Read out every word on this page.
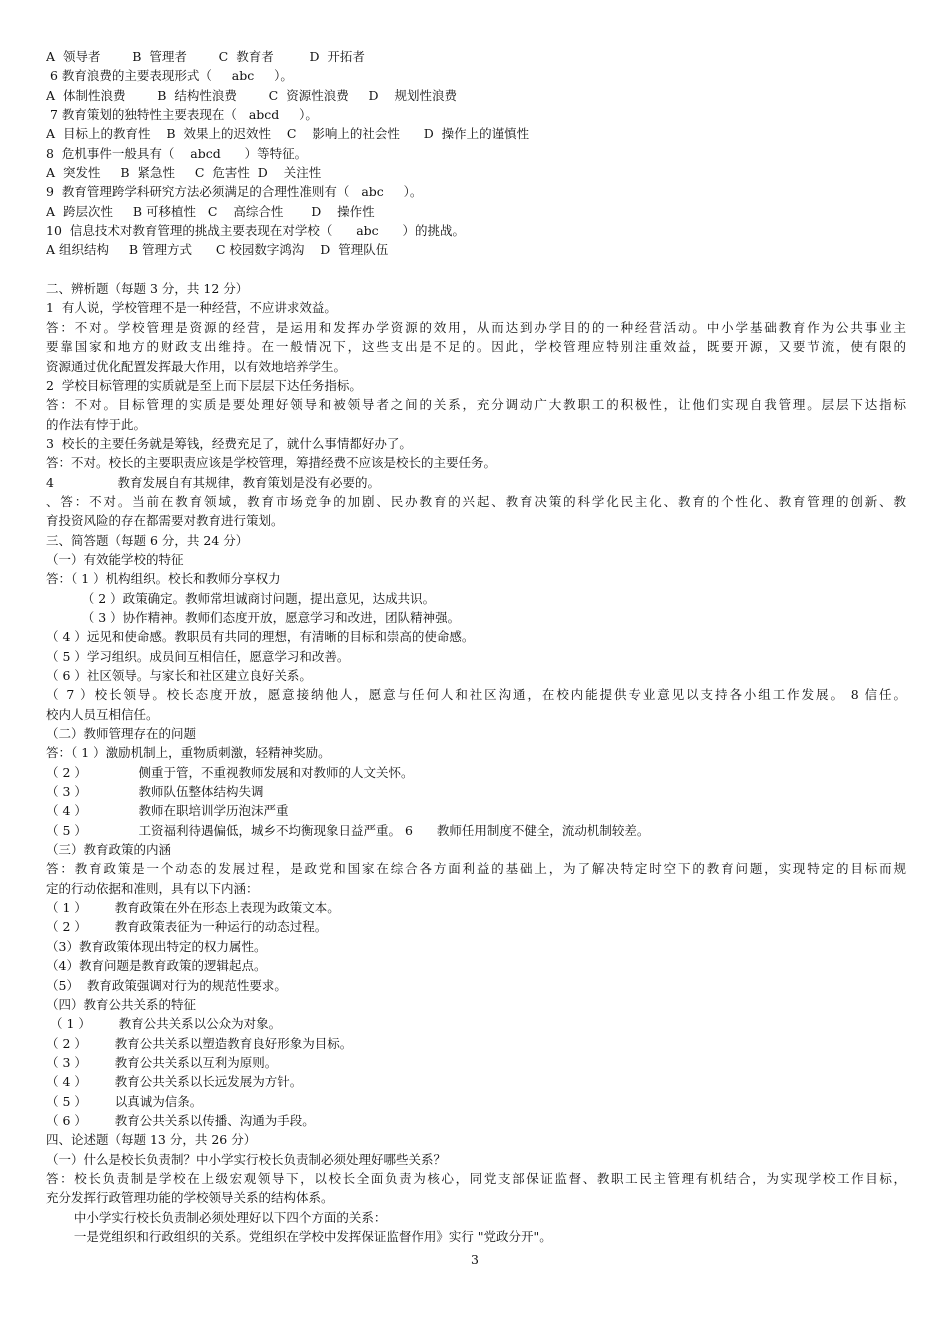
A  领导者        B  管理者        C  教育者         D  开拓者
6 教育浪费的主要表现形式（     abc     ）。
A  体制性浪费        B  结构性浪费        C  资源性浪费     D    规划性浪费
7 教育策划的独特性主要表现在（   abcd     ）。
A  目标上的教育性    B  效果上的迟效性    C    影响上的社会性      D  操作上的谨慎性
8  危机事件一般具有（    abcd      ）等特征。
A  突发性     B  紧急性     C  危害性  D    关注性
9  教育管理跨学科研究方法必须满足的合理性准则有（   abc     ）。
A  跨层次性     B 可移植性   C    高综合性       D    操作性
10  信息技术对教育管理的挑战主要表现在对学校（      abc      ）的挑战。
A 组织结构     B 管理方式      C 校园数字鸿沟    D  管理队伍
二、辨析题（每题 3 分，共 12 分）
1  有人说，学校管理不是一种经营，不应讲求效益。
答：不对。学校管理是资源的经营，是运用和发挥办学资源的效用，从而达到办学目的的一种经营活动。中小学基础教育作为公共事业主
要靠国家和地方的财政支出维持。在一般情况下，这些支出是不足的。因此，学校管理应特别注重效益，既要开源，又要节流，使有限的
资源通过优化配置发挥最大作用，以有效地培养学生。
2  学校目标管理的实质就是至上而下层层下达任务指标。
答：不对。目标管理的实质是要处理好领导和被领导者之间的关系，充分调动广大教职工的积极性，让他们实现自我管理。层层下达指标
的作法有悖于此。
3  校长的主要任务就是筹钱，经费充足了，就什么事情都好办了。
答：不对。校长的主要职责应该是学校管理，筹措经费不应该是校长的主要任务。
4                教育发展自有其规律，教育策划是没有必要的。
、答：不对。当前在教育领域，教育市场竞争的加剧、民办教育的兴起、教育决策的科学化民主化、教育的个性化、教育管理的创新、教
育投资风险的存在都需要对教育进行策划。
三、简答题（每题 6 分，共 24 分）
（一）有效能学校的特征
答：（ 1 ）机构组织。校长和教师分享权力
（ 2 ）政策确定。教师常坦诚商讨问题，提出意见，达成共识。
（ 3 ）协作精神。教师们态度开放，愿意学习和改进，团队精神强。
（ 4 ）远见和使命感。教职员有共同的理想，有清晰的目标和崇高的使命感。
（ 5 ）学习组织。成员间互相信任，愿意学习和改善。
（ 6 ）社区领导。与家长和社区建立良好关系。
（ 7 ）校长领导。校长态度开放，愿意接纳他人，愿意与任何人和社区沟通，在校内能提供专业意见以支持各小组工作发展。 8 信任。
校内人员互相信任。
（二）教师管理存在的问题
答：（ 1 ）激励机制上，重物质刺激，轻精神奖励。
（ 2 ）             侧重于管，不重视教师发展和对教师的人文关怀。
（ 3 ）             教师队伍整体结构失调
（ 4 ）             教师在职培训学历泡沫严重
（ 5 ）             工资福利待遇偏低，城乡不均衡现象日益严重。 6      教师任用制度不健全，流动机制较差。
（三）教育政策的内涵
答：教育政策是一个动态的发展过程，是政党和国家在综合各方面利益的基础上，为了解决特定时空下的教育问题，实现特定的目标而规
定的行动依据和准则，具有以下内涵：
（ 1 ）       教育政策在外在形态上表现为政策文本。
（ 2 ）       教育政策表征为一种运行的动态过程。
（3）教育政策体现出特定的权力属性。
（4）教育问题是教育政策的逻辑起点。
（5）  教育政策强调对行为的规范性要求。
（四）教育公共关系的特征
（ 1 ）       教育公共关系以公众为对象。
（ 2 ）       教育公共关系以塑造教育良好形象为目标。
（ 3 ）       教育公共关系以互利为原则。
（ 4 ）       教育公共关系以长远发展为方针。
（ 5 ）       以真诚为信条。
（ 6 ）       教育公共关系以传播、沟通为手段。
四、论述题（每题 13 分，共 26 分）
（一）什么是校长负责制？中小学实行校长负责制必须处理好哪些关系？
答：校长负责制是学校在上级宏观领导下，以校长全面负责为核心，同党支部保证监督、教职工民主管理有机结合，为实现学校工作目标，
充分发挥行政管理功能的学校领导关系的结构体系。
中小学实行校长负责制必须处理好以下四个方面的关系：
一是党组织和行政组织的关系。党组织在学校中发挥保证监督作用》实行 "党政分开"。
3
